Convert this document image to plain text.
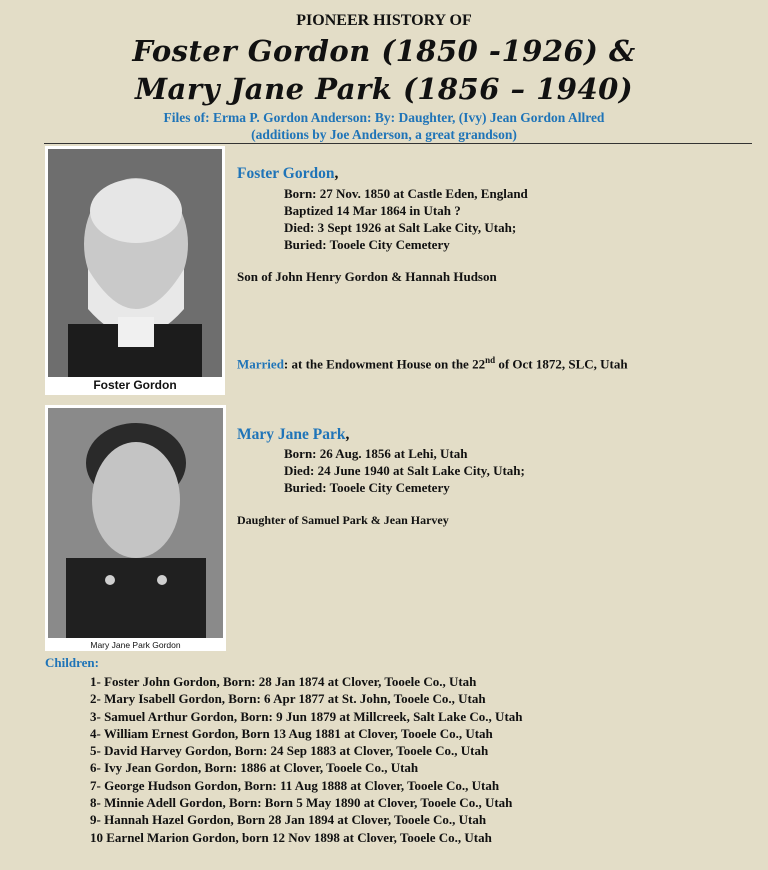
PIONEER HISTORY OF
Foster Gordon (1850 -1926) &
Mary Jane Park (1856 – 1940)
Files of: Erma P. Gordon Anderson: By: Daughter, (Ivy) Jean Gordon Allred
(additions by Joe Anderson, a great grandson)
Foster Gordon
Foster Gordon,
Born: 27 Nov. 1850 at Castle Eden, England
Baptized 14 Mar 1864 in Utah ?
Died: 3 Sept 1926 at Salt Lake City, Utah;
Buried: Tooele City Cemetery
Son of John Henry Gordon & Hannah Hudson
Married: at the Endowment House on the 22nd of Oct 1872, SLC, Utah
Mary Jane Park Gordon
Mary Jane Park,
Born: 26 Aug. 1856 at Lehi, Utah
Died: 24 June 1940 at Salt Lake City, Utah;
Buried: Tooele City Cemetery
Daughter of Samuel Park & Jean Harvey
Children:
1- Foster John Gordon, Born: 28 Jan 1874 at Clover, Tooele Co., Utah
2- Mary Isabell Gordon, Born: 6 Apr 1877 at St. John, Tooele Co., Utah
3- Samuel Arthur Gordon, Born: 9 Jun 1879 at Millcreek, Salt Lake Co., Utah
4- William Ernest Gordon, Born 13 Aug 1881 at Clover, Tooele Co., Utah
5- David Harvey Gordon, Born: 24 Sep 1883 at Clover, Tooele Co., Utah
6- Ivy Jean Gordon, Born: 1886 at Clover, Tooele Co., Utah
7- George Hudson Gordon, Born: 11 Aug 1888 at Clover, Tooele Co., Utah
8- Minnie Adell Gordon, Born: Born 5 May 1890 at Clover, Tooele Co., Utah
9- Hannah Hazel Gordon, Born 28 Jan 1894 at Clover, Tooele Co., Utah
10 Earnel Marion Gordon, born 12 Nov 1898 at Clover, Tooele Co., Utah
